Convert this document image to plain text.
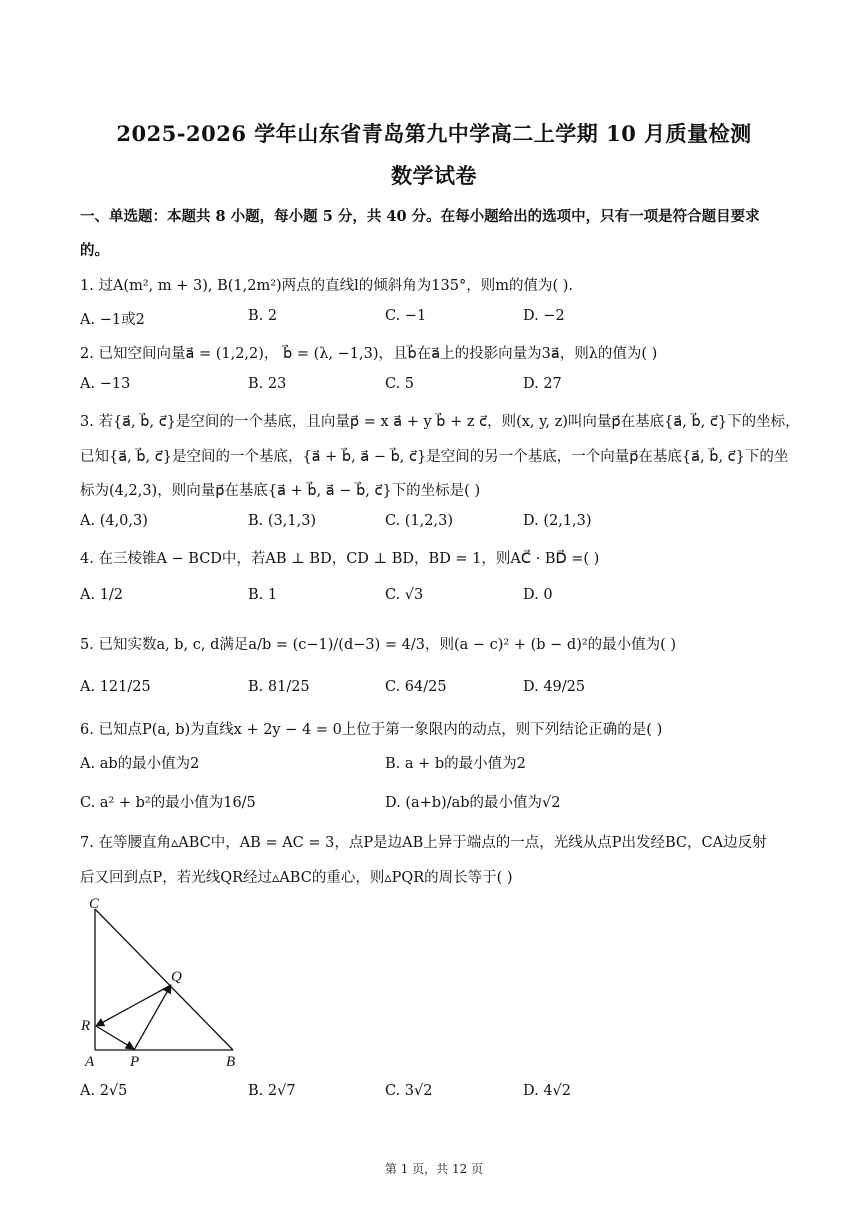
2025-2026 学年山东省青岛第九中学高二上学期 10 月质量检测
数学试卷
一、单选题：本题共 8 小题，每小题 5 分，共 40 分。在每小题给出的选项中，只有一项是符合题目要求
的。
1. 过A(m², m + 3), B(1,2m²)两点的直线l的倾斜角为135°，则m的值为( ).
A. −1或2	B. 2	C. −1	D. −2
2. 已知空间向量a⃗ = (1,2,2)， b⃗ = (λ, −1,3)，且b⃗在a⃗上的投影向量为3a⃗，则λ的值为( )
A. −13	B. 23	C. 5	D. 27
3. 若{a⃗, b⃗, c⃗}是空间的一个基底，且向量p⃗ = x a⃗ + y b⃗ + z c⃗，则(x, y, z)叫向量p⃗在基底{a⃗, b⃗, c⃗}下的坐标，
已知{a⃗, b⃗, c⃗}是空间的一个基底，{a⃗ + b⃗, a⃗ − b⃗, c⃗}是空间的另一个基底，一个向量p⃗在基底{a⃗, b⃗, c⃗}下的坐
标为(4,2,3)，则向量p⃗在基底{a⃗ + b⃗, a⃗ − b⃗, c⃗}下的坐标是( )
A. (4,0,3)	B. (3,1,3)	C. (1,2,3)	D. (2,1,3)
4. 在三棱锥A − BCD中，若AB ⊥ BD，CD ⊥ BD，BD = 1，则AC⃗ · BD⃗ =( )
A. 1/2	B. 1	C. √3	D. 0
5. 已知实数a, b, c, d满足a/b = (c−1)/(d−3) = 4/3，则(a − c)² + (b − d)²的最小值为( )
A. 121/25	B. 81/25	C. 64/25	D. 49/25
6. 已知点P(a, b)为直线x + 2y − 4 = 0上位于第一象限内的动点，则下列结论正确的是( )
A. ab的最小值为2	B. a + b的最小值为2
C. a² + b²的最小值为16/5	D. (a+b)/ab的最小值为√2
7. 在等腰直角▵ABC中，AB = AC = 3，点P是边AB上异于端点的一点，光线从点P出发经BC，CA边反射
后又回到点P，若光线QR经过▵ABC的重心，则▵PQR的周长等于( )
C
Q
R
A P	B
A. 2√5	B. 2√7	C. 3√2	D. 4√2
第 1 页，共 12 页
